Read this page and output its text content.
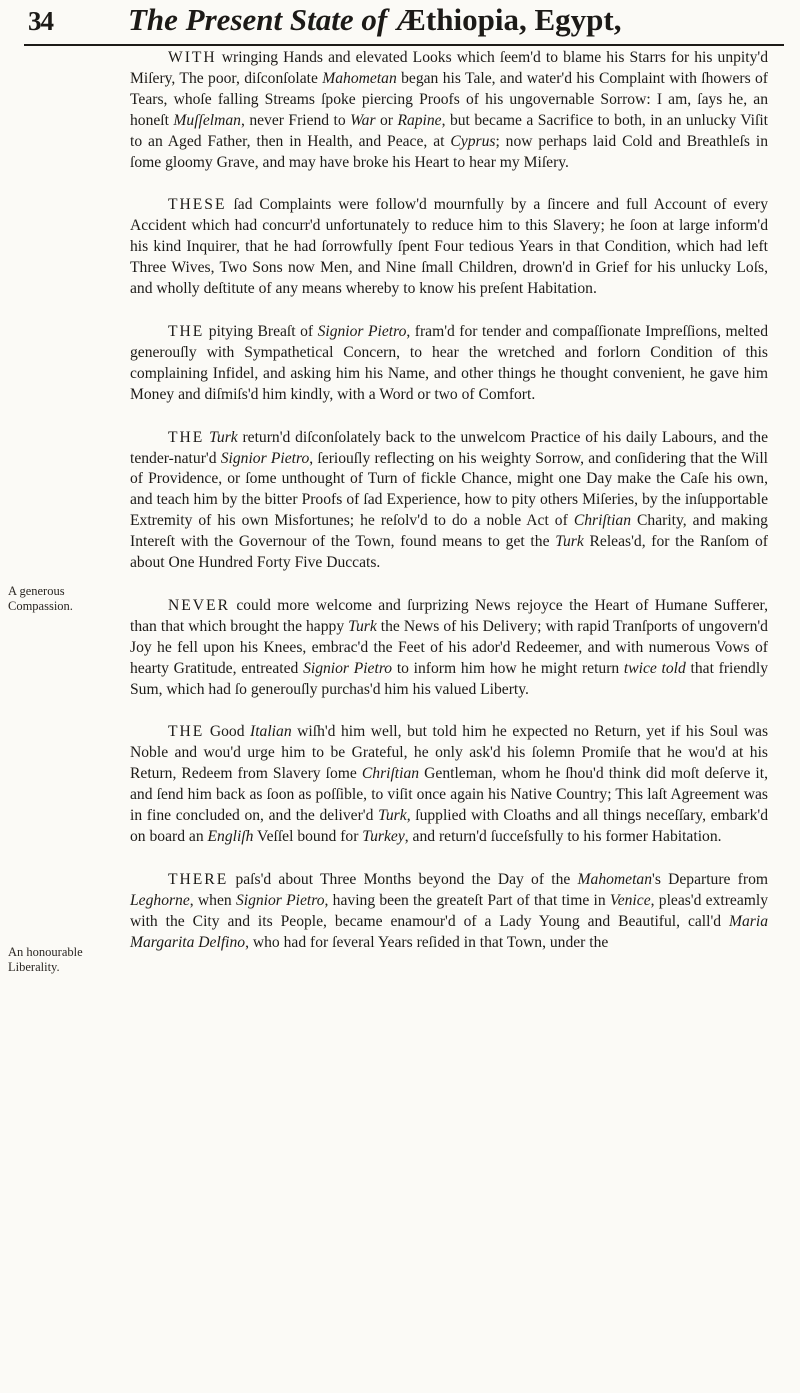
34 The Present State of Æthiopia, Egypt,
A generous Compassion.
An honourable Liberality.

WITH wringing Hands and elevated Looks which ſeem'd to blame his Starrs for his unpity'd Miſery, The poor, diſconſolate Mahometan began his Tale, and water'd his Complaint with ſhowers of Tears, whoſe falling Streams ſpoke piercing Proofs of his ungovernable Sorrow: I am, ſays he, an honeſt Muſſelman, never Friend to War or Rapine, but became a Sacrifice to both, in an unlucky Viſit to an Aged Father, then in Health, and Peace, at Cyprus; now perhaps laid Cold and Breathleſs in ſome gloomy Grave, and may have broke his Heart to hear my Miſery.

THESE ſad Complaints were follow'd mournfully by a ſincere and full Account of every Accident which had concurr'd unfortunately to reduce him to this Slavery; he ſoon at large inform'd his kind Inquirer, that he had ſorrowfully ſpent Four tedious Years in that Condition, which had left Three Wives, Two Sons now Men, and Nine ſmall Children, drown'd in Grief for his unlucky Loſs, and wholly deſtitute of any means whereby to know his preſent Habitation.

THE pitying Breaſt of Signior Pietro, fram'd for tender and compaſſionate Impreſſions, melted generouſly with Sympathetical Concern, to hear the wretched and forlorn Condition of this complaining Infidel, and asking him his Name, and other things he thought convenient, he gave him Money and diſmiſs'd him kindly, with a Word or two of Comfort.

THE Turk return'd diſconſolately back to the unwelcom Practice of his daily Labours, and the tender-natur'd Signior Pietro, ſeriouſly reflecting on his weighty Sorrow, and conſidering that the Will of Providence, or ſome unthought of Turn of fickle Chance, might one Day make the Caſe his own, and teach him by the bitter Proofs of ſad Experience, how to pity others Miſeries, by the inſupportable Extremity of his own Misfortunes; he reſolv'd to do a noble Act of Chriſtian Charity, and making Intereſt with the Governour of the Town, found means to get the Turk Releas'd, for the Ranſom of about One Hundred Forty Five Duccats.

NEVER could more welcome and ſurprizing News rejoyce the Heart of Humane Sufferer, than that which brought the happy Turk the News of his Delivery; with rapid Tranſports of ungovern'd Joy he fell upon his Knees, embrac'd the Feet of his ador'd Redeemer, and with numerous Vows of hearty Gratitude, entreated Signior Pietro to inform him how he might return twice told that friendly Sum, which had ſo generouſly purchas'd him his valued Liberty.

THE Good Italian wiſh'd him well, but told him he expected no Return, yet if his Soul was Noble and wou'd urge him to be Grateful, he only ask'd his ſolemn Promiſe that he wou'd at his Return, Redeem from Slavery ſome Chriſtian Gentleman, whom he ſhou'd think did moſt deſerve it, and ſend him back as ſoon as poſſible, to viſit once again his Native Country; This laſt Agreement was in fine concluded on, and the deliver'd Turk, ſupplied with Cloaths and all things neceſſary, embark'd on board an Engliſh Veſſel bound for Turkey, and return'd ſucceſsfully to his former Habitation.

THERE paſs'd about Three Months beyond the Day of the Mahometan's Departure from Leghorne, when Signior Pietro, having been the greateſt Part of that time in Venice, pleas'd extreamly with the City and its People, became enamour'd of a Lady Young and Beautiful, call'd Maria Margarita Delfino, who had for ſeveral Years reſided in that Town, under the
